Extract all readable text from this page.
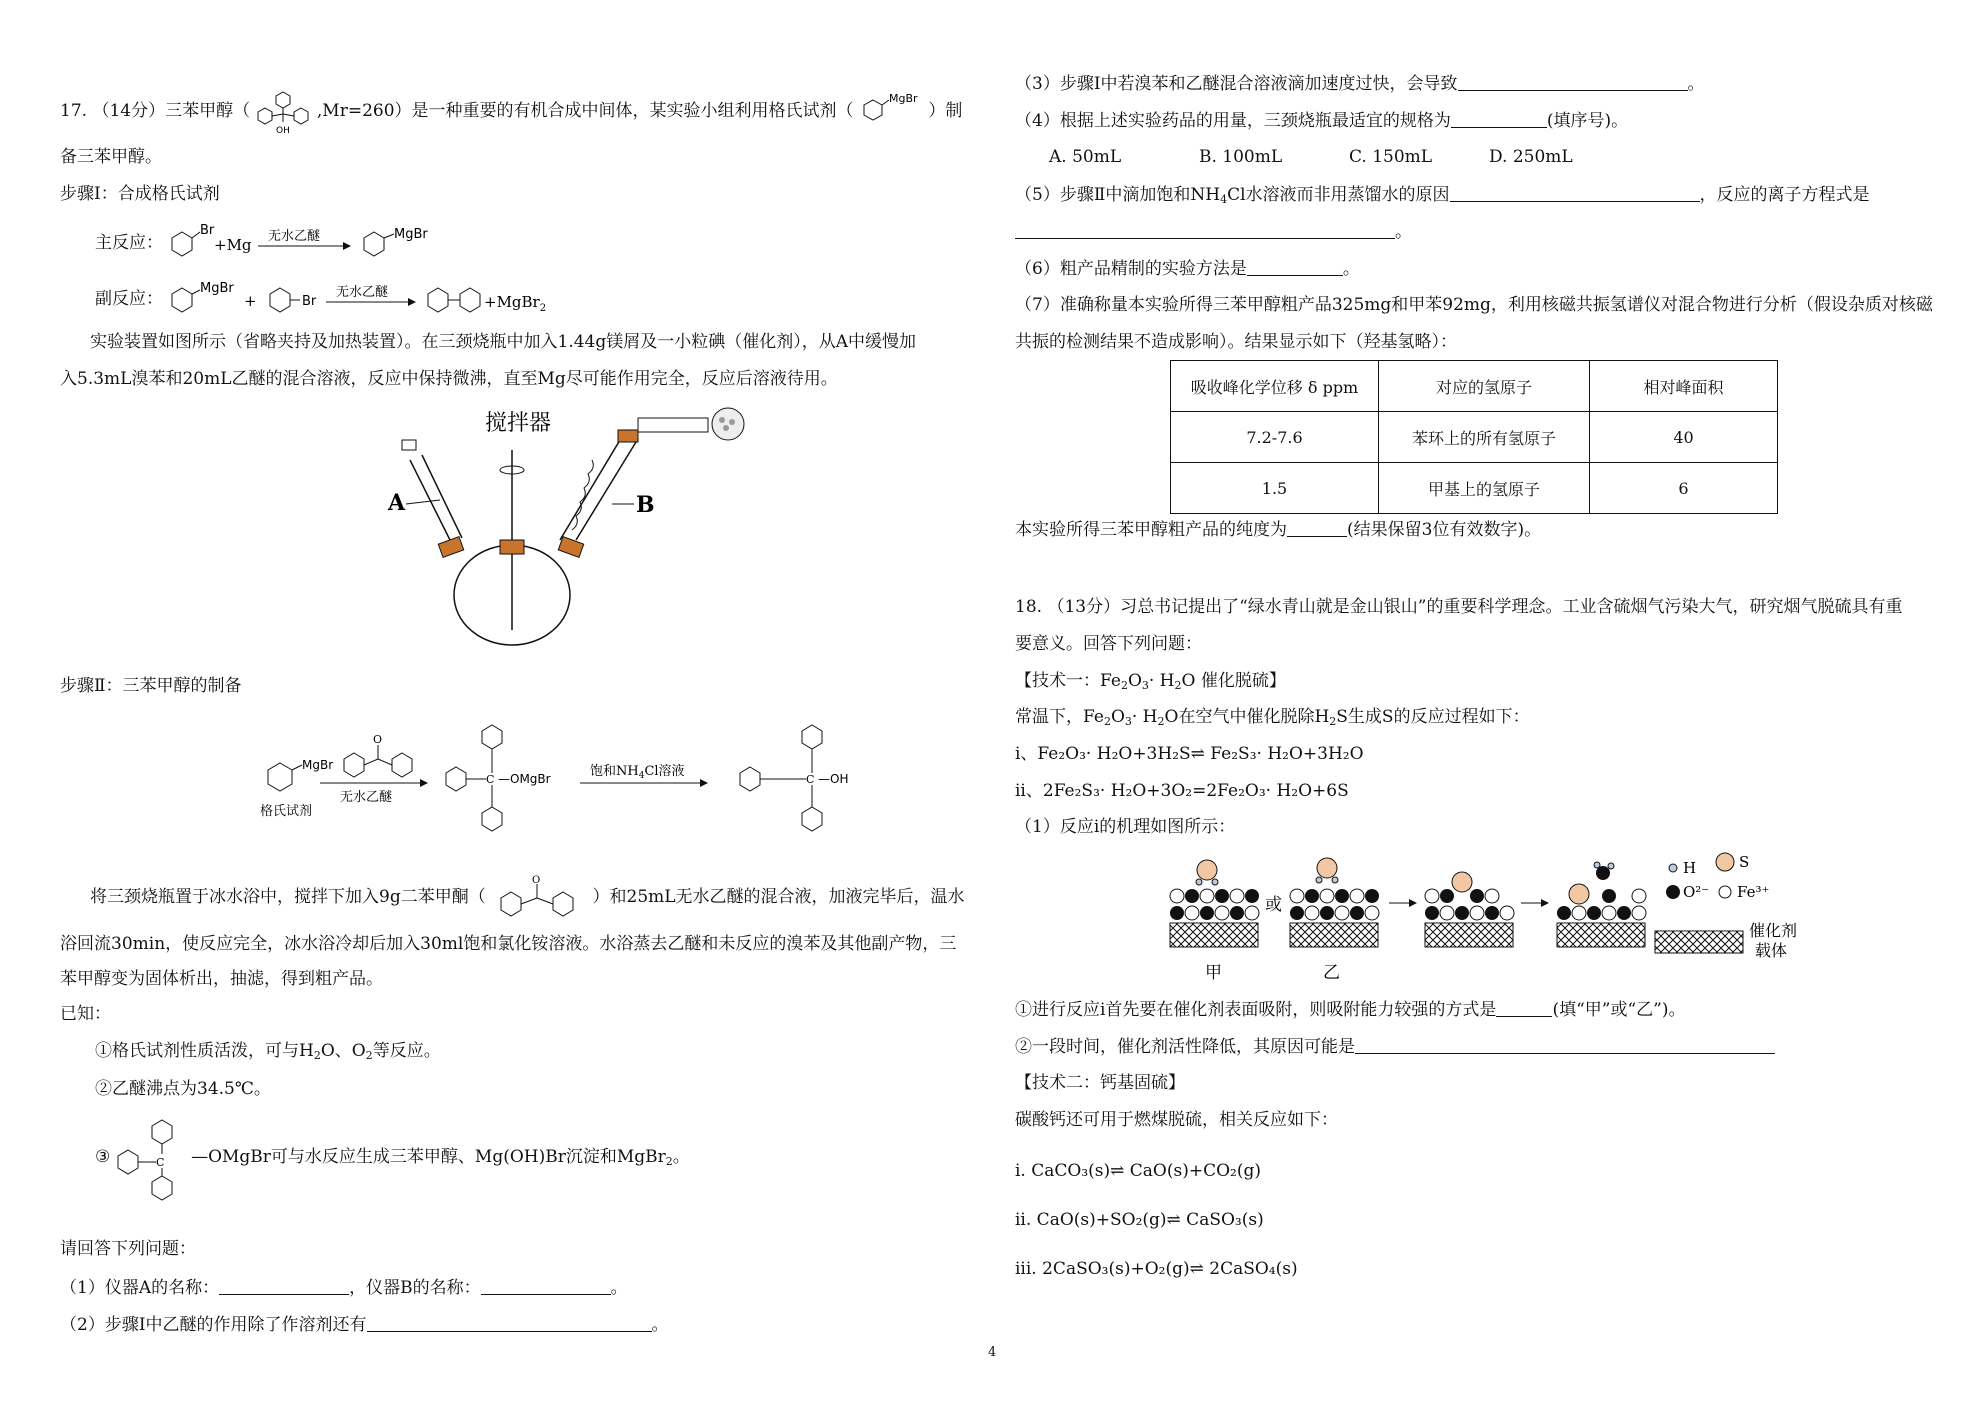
17. （14分）三苯甲醇（
OH
,Mr=260）是一种重要的有机合成中间体，某实验小组利用格氏试剂（
MgBr
）制
备三苯甲醇。
步骤Ⅰ：合成格氏试剂
主反应：
Br
+Mg 无水乙醚	MgBr
副反应：
MgBr
+	Br
无水乙醚
+MgBr$_2$
实验装置如图所示（省略夹持及加热装置）。在三颈烧瓶中加入1.44g镁屑及一小粒碘（催化剂），从A中缓慢加
入5.3mL溴苯和20mL乙醚的混合溶液，反应中保持微沸，直至Mg尽可能作用完全，反应后溶液待用。
搅拌器
A	B
步骤Ⅱ：三苯甲醇的制备
MgBr
格氏试剂
O
无水乙醚
C —OMgBr	饱和$NH_4Cl$溶液
C —OH
将三颈烧瓶置于冰水浴中，搅拌下加入9g二苯甲酮（
O
）和25mL无水乙醚的混合液，加液完毕后，温水
浴回流30min，使反应完全，冰水浴冷却后加入30ml饱和氯化铵溶液。水浴蒸去乙醚和未反应的溴苯及其他副产物，三
苯甲醇变为固体析出，抽滤，得到粗产品。
已知：
①格氏试剂性质活泼，可与$H_2O$、$O_2$等反应。
②乙醚沸点为34.5℃。
③	C —OMgBr可与水反应生成三苯甲醇、Mg(OH)Br沉淀和MgBr$_2$。
请回答下列问题：
（1）仪器A的名称：	，仪器B的名称：	。
（2）步骤Ⅰ中乙醚的作用除了作溶剂还有	。
（3）步骤Ⅰ中若溴苯和乙醚混合溶液滴加速度过快，会导致	。
（4）根据上述实验药品的用量，三颈烧瓶最适宜的规格为	(填序号)。
A. 50mL	B. 100mL	C. 150mL	D. 250mL
（5）步骤Ⅱ中滴加饱和$NH_4Cl$水溶液而非用蒸馏水的原因	，反应的离子方程式是
。
（6）粗产品精制的实验方法是	。
（7）准确称量本实验所得三苯甲醇粗产品325mg和甲苯92mg，利用核磁共振氢谱仪对混合物进行分析（假设杂质对核磁
共振的检测结果不造成影响）。结果显示如下（羟基氢略）：
吸收峰化学位移 δ ppm	对应的氢原子	相对峰面积
7.2-7.6	苯环上的所有氢原子	40
1.5	甲基上的氢原子	6
本实验所得三苯甲醇粗产品的纯度为	(结果保留3位有效数字)。
18. （13分）习总书记提出了“绿水青山就是金山银山”的重要科学理念。工业含硫烟气污染大气，研究烟气脱硫具有重
要意义。回答下列问题：
【技术一：$Fe_2O_3\cdot H_2O$ 催化脱硫】
常温下，$Fe_2O_3\cdot H_2O$在空气中催化脱除$H_2S$生成S的反应过程如下：
i、Fe₂O₃· H₂O+3H₂S⇌ Fe₂S₃· H₂O+3H₂O
ii、2Fe₂S₃· H₂O+3O₂=2Fe₂O₃· H₂O+6S
（1）反应i的机理如图所示：
甲
或
乙
H	S
O²⁻ Fe³⁺
催化剂
载体
①进行反应i首先要在催化剂表面吸附，则吸附能力较强的方式是	(填“甲”或“乙”)。
②一段时间，催化剂活性降低，其原因可能是
【技术二：钙基固硫】
碳酸钙还可用于燃煤脱硫，相关反应如下：
i. CaCO₃(s)⇌ CaO(s)+CO₂(g)
ii. CaO(s)+SO₂(g)⇌ CaSO₃(s)
iii. 2CaSO₃(s)+O₂(g)⇌ 2CaSO₄(s)
4
